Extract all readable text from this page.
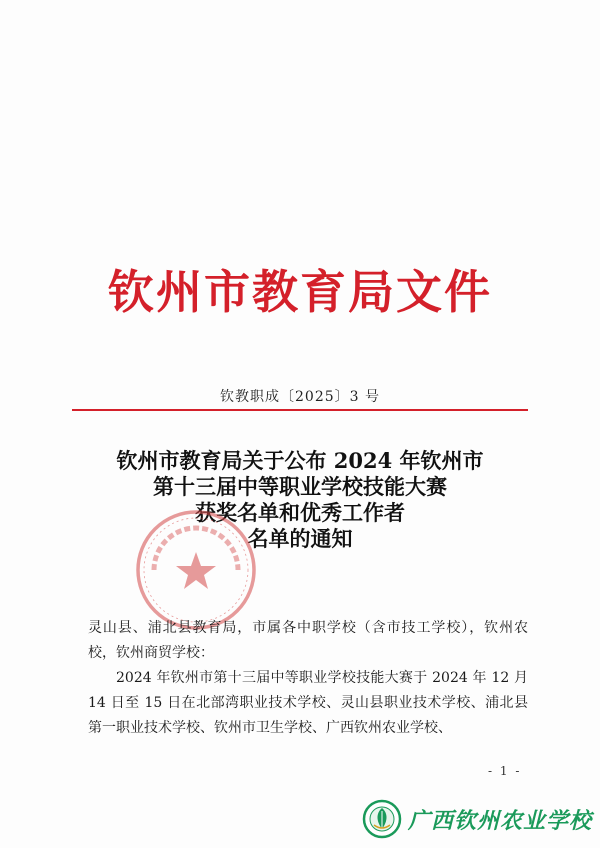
钦州市教育局文件
钦教职成〔2025〕3 号
钦州市教育局关于公布 2024 年钦州市
第十三届中等职业学校技能大赛
获奖名单和优秀工作者
名单的通知

灵山县、浦北县教育局，市属各中职学校（含市技工学校），钦州农校，钦州商贸学校：

2024 年钦州市第十三届中等职业学校技能大赛于 2024 年 12 月 14 日至 15 日在北部湾职业技术学校、灵山县职业技术学校、浦北县第一职业技术学校、钦州市卫生学校、广西钦州农业学校、

- 1 -
广西钦州农业学校
